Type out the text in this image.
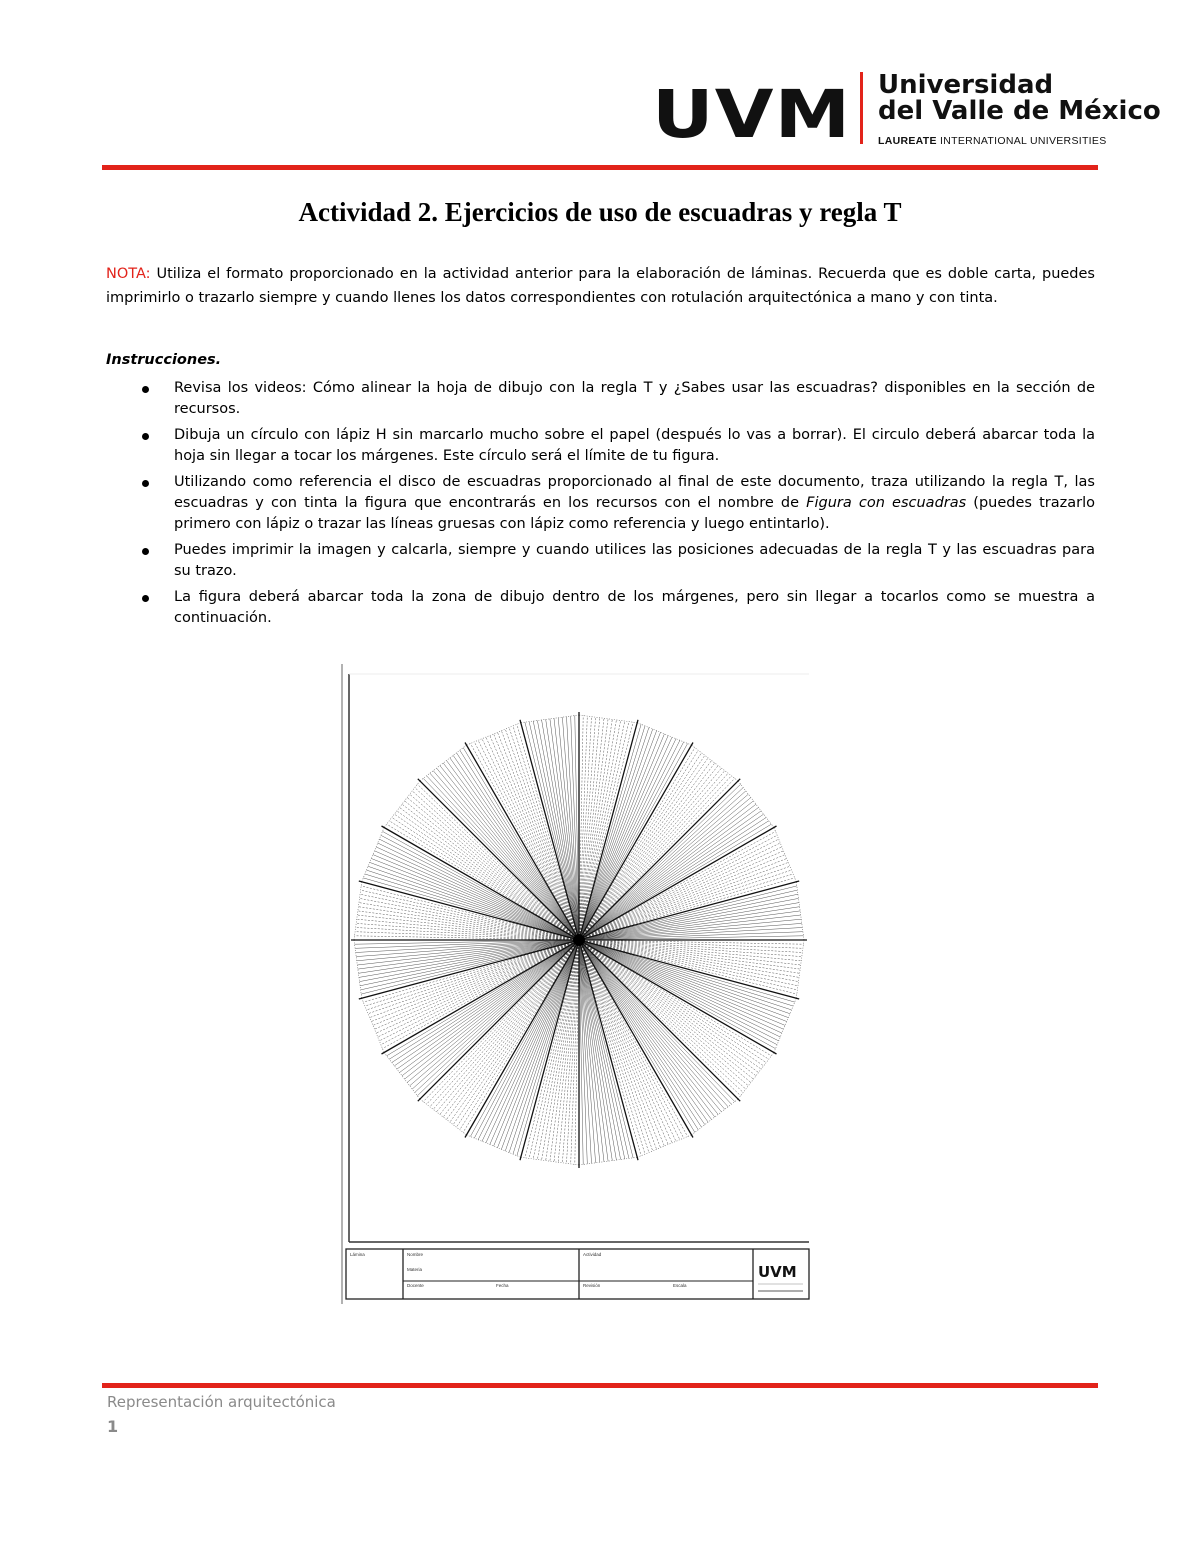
UVM Universidad
del Valle de México
LAUREATE INTERNATIONAL UNIVERSITIES
Actividad 2. Ejercicios de uso de escuadras y regla T
NOTA: Utiliza el formato proporcionado en la actividad anterior para la elaboración de láminas. Recuerda que es doble carta, puedes imprimirlo o trazarlo siempre y cuando llenes los datos correspondientes con rotulación arquitectónica a mano y con tinta.
Instrucciones.
Revisa los videos: Cómo alinear la hoja de dibujo con la regla T y ¿Sabes usar las escuadras? disponibles en la sección de recursos.
Dibuja un círculo con lápiz H sin marcarlo mucho sobre el papel (después lo vas a borrar). El circulo deberá abarcar toda la hoja sin llegar a tocar los márgenes. Este círculo será el límite de tu figura.
Utilizando como referencia el disco de escuadras proporcionado al final de este documento, traza utilizando la regla T, las escuadras y con tinta la figura que encontrarás en los recursos con el nombre de Figura con escuadras (puedes trazarlo primero con lápiz o trazar las líneas gruesas con lápiz como referencia y luego entintarlo).
Puedes imprimir la imagen y calcarla, siempre y cuando utilices las posiciones adecuadas de la regla T y las escuadras para su trazo.
La figura deberá abarcar toda la zona de dibujo dentro de los márgenes, pero sin llegar a tocarlos como se muestra a continuación.
Lámina	Nombre
Materia
Docente	Fecha
Actividad
Revisión	Escala
UVM
Representación arquitectónica
1
